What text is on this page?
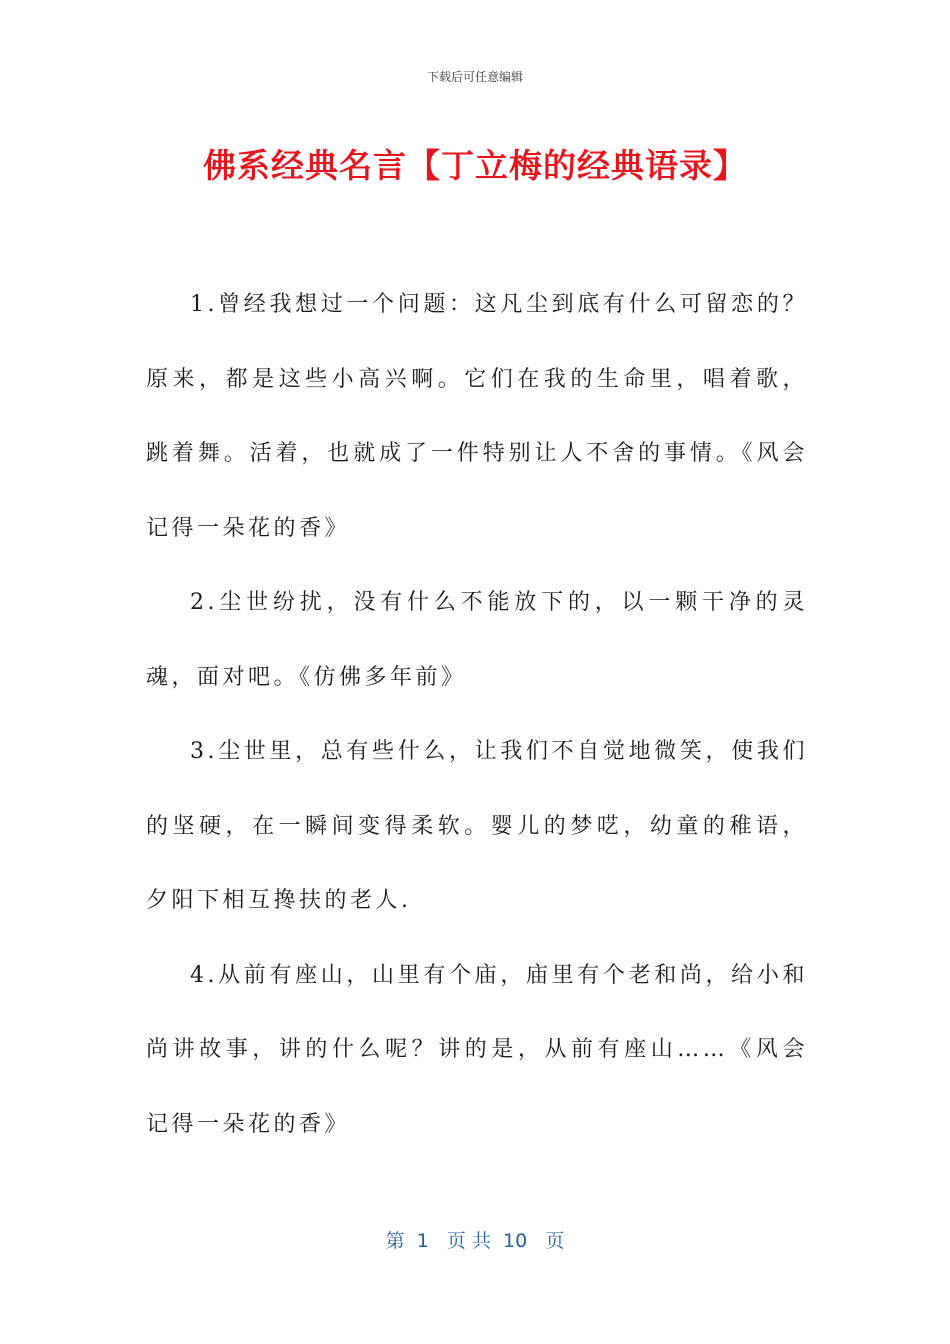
下载后可任意编辑
佛系经典名言【丁立梅的经典语录】

1.曾经我想过一个问题：这凡尘到底有什么可留恋的？原来，都是这些小高兴啊。它们在我的生命里，唱着歌，跳着舞。活着，也就成了一件特别让人不舍的事情。《风会记得一朵花的香》

2.尘世纷扰，没有什么不能放下的，以一颗干净的灵魂，面对吧。《仿佛多年前》

3.尘世里，总有些什么，让我们不自觉地微笑，使我们的坚硬，在一瞬间变得柔软。婴儿的梦呓，幼童的稚语，夕阳下相互搀扶的老人.

4.从前有座山，山里有个庙，庙里有个老和尚，给小和尚讲故事，讲的什么呢？讲的是，从前有座山……《风会记得一朵花的香》

第  1   页 共  10   页
